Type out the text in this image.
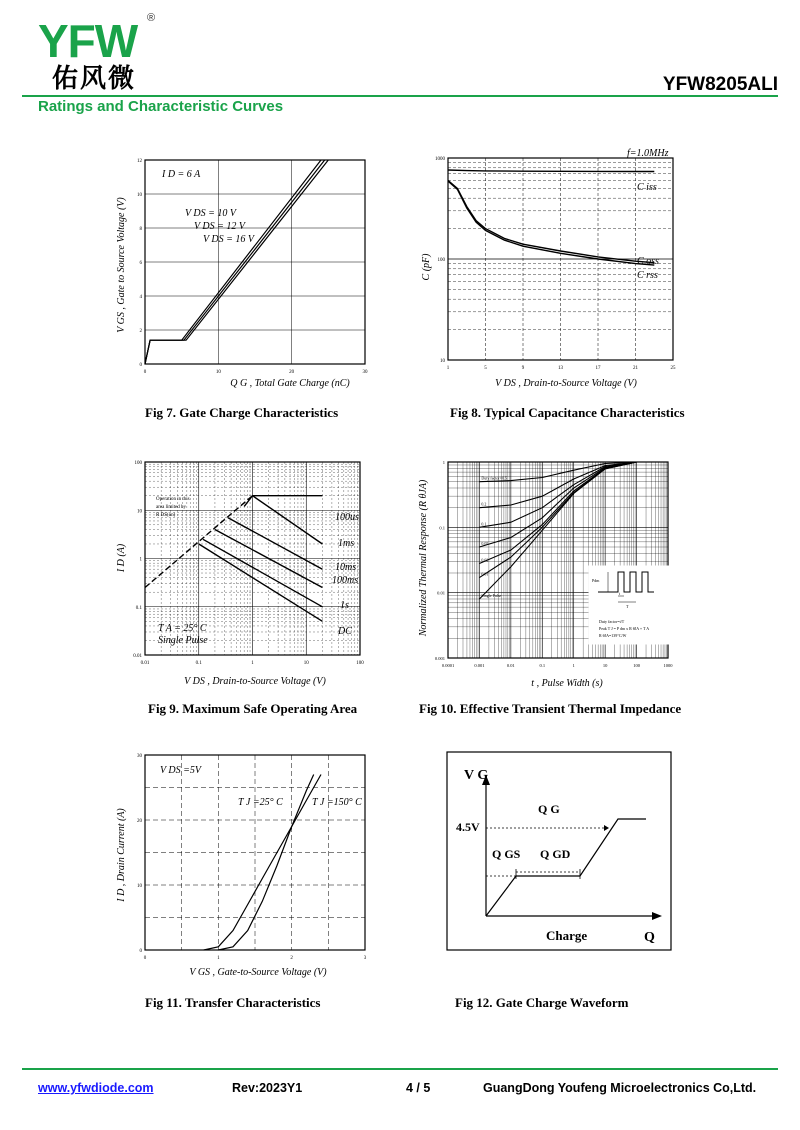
YFW ®
佑风微	YFW8205ALI
Ratings and Characteristic Curves
0	10	20	30
0
2
4
6
8
10
12
I D = 6 A
V DS = 10 V
V DS = 12 V
V DS = 16 V
Q G , Total Gate Charge (nC)
V GS , Gate to Source Voltage (V)
Fig 7. Gate Charge Characteristics
1	5	9	13	17	21	25
10
100
1000
f=1.0MHz
C iss
C oss
C rss
V DS , Drain-to-Source Voltage (V)
C (pF)
Fig 8. Typical Capacitance Characteristics
0.01	0.1	1	10	100
0.01
0.1
1
10
100
Operation in this
area limited by
R DS(on)	100us
1ms
10ms
100ms
1s
DC
T A = 25° C
Single Pulse
V DS , Drain-to-Source Voltage (V)
I D (A)
Fig 9. Maximum Safe Operating Area
0.0001	0.001	0.01	0.1	1	10	100	1000
0.001
0.01
0.1
1
Duty factor=0.5
0.2
0.1
0.05
0.02
0.01
Single Pulse
Pdm
t
T
Duty factor=t/T
Peak T J = P dm x R θJA + T A
R θJA=139°C/W
t , Pulse Width (s)
Normalized Thermal Response (R θJA)
Fig 10. Effective Transient Thermal Impedance
0	1	2	3
0
10
20
30
V DS =5V
T J =25° C	T J =150° C
V GS , Gate-to-Source Voltage (V)
I D , Drain Current (A)
Fig 11. Transfer Characteristics
V G
4.5V
Q G
Q GS Q GD
Charge	Q
Fig 12. Gate Charge Waveform
www.yfwdiode.com	Rev:2023Y1	4 / 5	GuangDong Youfeng Microelectronics Co,Ltd.
